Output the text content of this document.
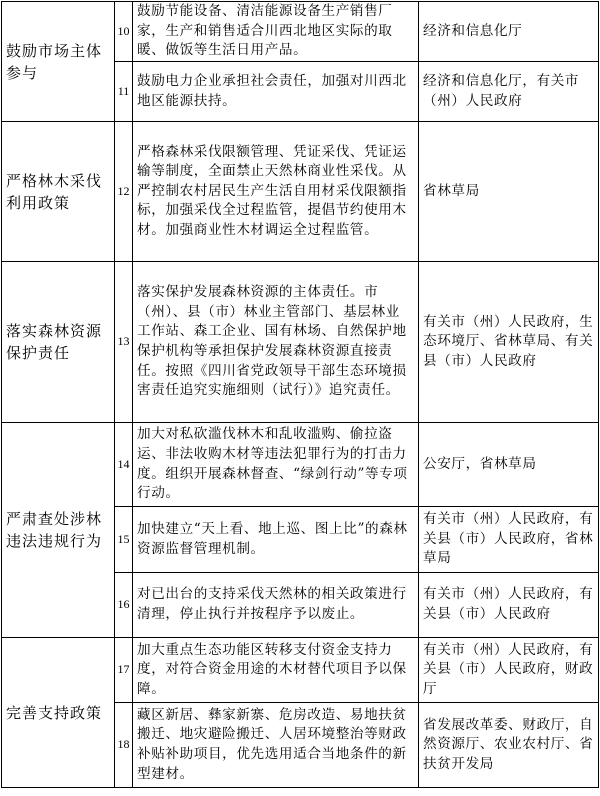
鼓励市场主体参与	10	鼓励节能设备、清洁能源设备生产销售厂家，生产和销售适合川西北地区实际的取暖、做饭等生活日用产品。	经济和信息化厅
	11	鼓励电力企业承担社会责任，加强对川西北地区能源扶持。	经济和信息化厅，有关市（州）人民政府
严格林木采伐利用政策	12	严格森林采伐限额管理、凭证采伐、凭证运输等制度，全面禁止天然林商业性采伐。从严控制农村居民生产生活自用材采伐限额指标，加强采伐全过程监管，提倡节约使用木材。加强商业性木材调运全过程监管。	省林草局
落实森林资源保护责任	13	落实保护发展森林资源的主体责任。市（州）、县（市）林业主管部门、基层林业工作站、森工企业、国有林场、自然保护地保护机构等承担保护发展森林资源直接责任。按照《四川省党政领导干部生态环境损害责任追究实施细则（试行）》追究责任。	有关市（州）人民政府，生态环境厅、省林草局、有关县（市）人民政府
严肃查处涉林违法违规行为	14	加大对私砍滥伐林木和乱收滥购、偷拉盗运、非法收购木材等违法犯罪行为的打击力度。组织开展森林督查、“绿剑行动”等专项行动。	公安厅，省林草局
	15	加快建立“天上看、地上巡、图上比”的森林资源监督管理机制。	有关市（州）人民政府，有关县（市）人民政府，省林草局
	16	对已出台的支持采伐天然林的相关政策进行清理，停止执行并按程序予以废止。	有关市（州）人民政府，有关县（市）人民政府
完善支持政策	17	加大重点生态功能区转移支付资金支持力度，对符合资金用途的木材替代项目予以保障。	有关市（州）人民政府，有关县（市）人民政府，财政厅
	18	藏区新居、彝家新寨、危房改造、易地扶贫搬迁、地灾避险搬迁、人居环境整治等财政补贴补助项目，优先选用适合当地条件的新型建材。	省发展改革委、财政厅，自然资源厅、农业农村厅、省扶贫开发局
